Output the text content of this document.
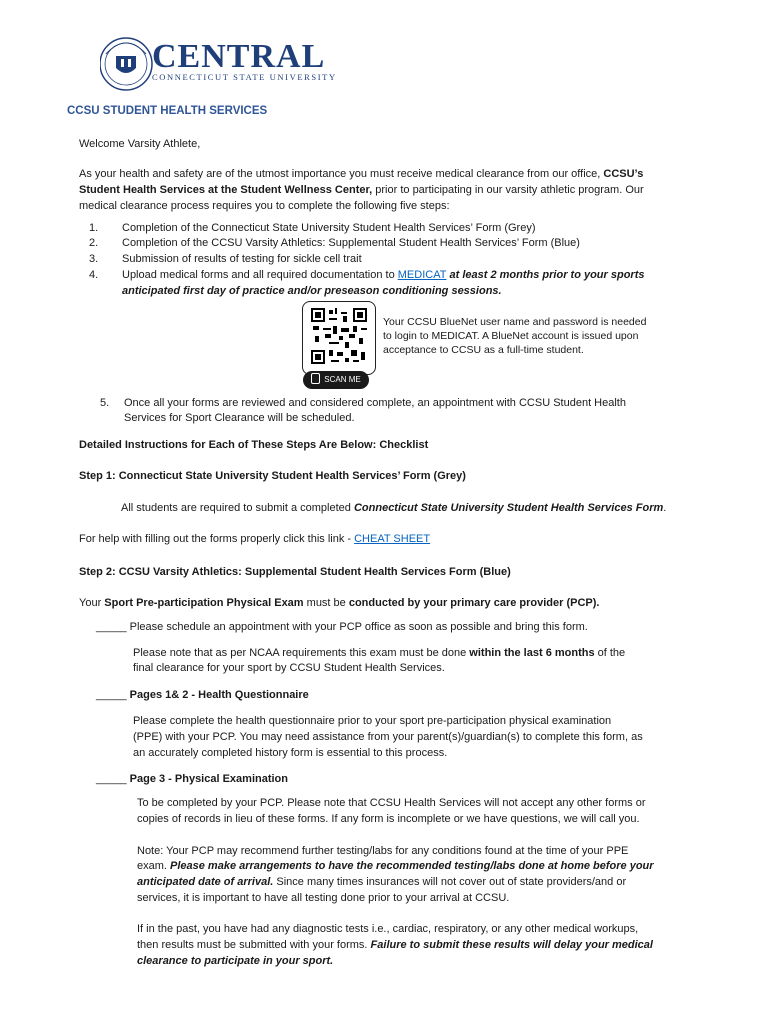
CENTRAL
CONNECTICUT STATE UNIVERSITY
CCSU STUDENT HEALTH SERVICES
Welcome Varsity Athlete,
As your health and safety are of the utmost importance you must receive medical clearance from our office, CCSU’s
Student Health Services at the Student Wellness Center, prior to participating in our varsity athletic program. Our
medical clearance process requires you to complete the following five steps:
1. Completion of the Connecticut State University Student Health Services’ Form (Grey)
2. Completion of the CCSU Varsity Athletics: Supplemental Student Health Services’ Form (Blue)
3. Submission of results of testing for sickle cell trait
4. Upload medical forms and all required documentation to MEDICAT at least 2 months prior to your sports
anticipated first day of practice and/or preseason conditioning sessions.
SCAN ME
Your CCSU BlueNet user name and password is needed to login to MEDICAT. A BlueNet account is issued upon acceptance to CCSU as a full-time student.
5. Once all your forms are reviewed and considered complete, an appointment with CCSU Student Health
Services for Sport Clearance will be scheduled.
Detailed Instructions for Each of These Steps Are Below: Checklist
Step 1: Connecticut State University Student Health Services’ Form (Grey)
All students are required to submit a completed Connecticut State University Student Health Services Form.
For help with filling out the forms properly click this link - CHEAT SHEET
Step 2: CCSU Varsity Athletics: Supplemental Student Health Services Form (Blue)
Your Sport Pre-participation Physical Exam must be conducted by your primary care provider (PCP).
_____ Please schedule an appointment with your PCP office as soon as possible and bring this form.
Please note that as per NCAA requirements this exam must be done within the last 6 months of the
final clearance for your sport by CCSU Student Health Services.
_____ Pages 1& 2 - Health Questionnaire
Please complete the health questionnaire prior to your sport pre-participation physical examination
(PPE) with your PCP. You may need assistance from your parent(s)/guardian(s) to complete this form, as
an accurately completed history form is essential to this process.
_____ Page 3 - Physical Examination
To be completed by your PCP. Please note that CCSU Health Services will not accept any other forms or
copies of records in lieu of these forms. If any form is incomplete or we have questions, we will call you.
Note: Your PCP may recommend further testing/labs for any conditions found at the time of your PPE
exam. Please make arrangements to have the recommended testing/labs done at home before your
anticipated date of arrival. Since many times insurances will not cover out of state providers/and or
services, it is important to have all testing done prior to your arrival at CCSU.
If in the past, you have had any diagnostic tests i.e., cardiac, respiratory, or any other medical workups,
then results must be submitted with your forms. Failure to submit these results will delay your medical
clearance to participate in your sport.
